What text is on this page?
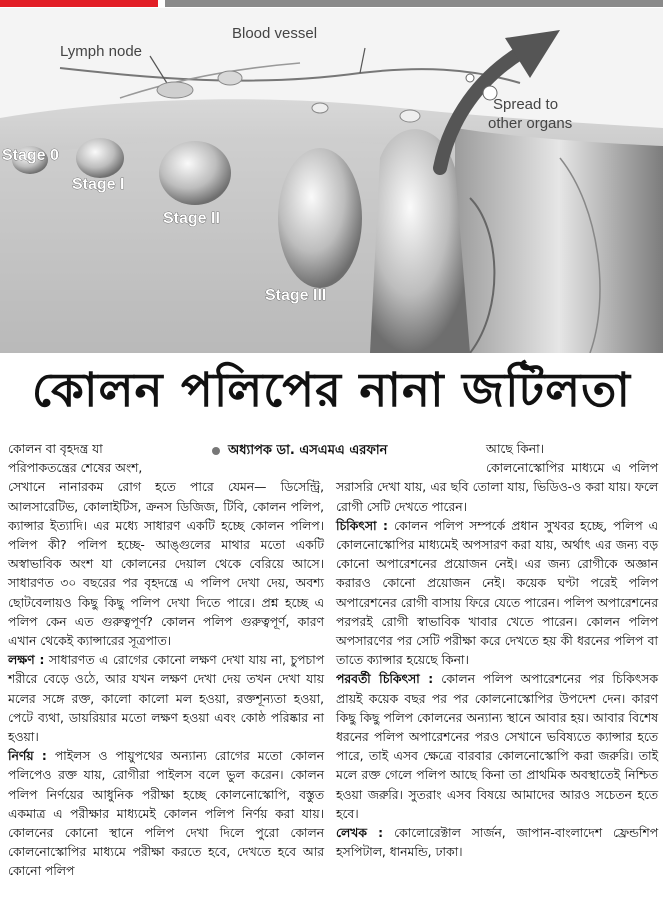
Lymph node
Blood vessel
Spread to
other organs
Stage 0
Stage I
Stage II
Stage III
কোলন পলিপের নানা জটিলতা
অধ্যাপক ডা. এসএমএ এরফান

কোলন বা বৃহদন্ত্র যা

পরিপাকতন্ত্রের শেষের অংশ,

সেখানে নানারকম রোগ হতে পারে যেমন— ডিসেন্ট্রি, আলসারেটিভ, কোলাইটিস, ক্রনস ডিজিজ, টিবি, কোলন পলিপ, ক্যান্সার ইত্যাদি। এর মধ্যে সাধারণ একটি হচ্ছে কোলন পলিপ। পলিপ কী? পলিপ হচ্ছে- আঙ্গুলের মাথার মতো একটি অস্বাভাবিক অংশ যা কোলনের দেয়াল থেকে বেরিয়ে আসে। সাধারণত ৩০ বছরের পর বৃহদন্ত্রে এ পলিপ দেখা দেয়, অবশ্য ছোটবেলায়ও কিছু কিছু পলিপ দেখা দিতে পারে। প্রশ্ন হচ্ছে এ পলিপ কেন এত গুরুত্বপূর্ণ? কোলন পলিপ গুরুত্বপূর্ণ, কারণ এখান থেকেই ক্যান্সারের সূত্রপাত।

লক্ষণ : সাধারণত এ রোগের কোনো লক্ষণ দেখা যায় না, চুপচাপ শরীরে বেড়ে ওঠে, আর যখন লক্ষণ দেখা দেয় তখন দেখা যায় মলের সঙ্গে রক্ত, কালো কালো মল হওয়া, রক্তশূন্যতা হওয়া, পেটে ব্যথা, ডায়রিয়ার মতো লক্ষণ হওয়া এবং কোষ্ঠ পরিষ্কার না হওয়া।

নির্ণয় : পাইলস ও পায়ুপথের অন্যান্য রোগের মতো কোলন পলিপেও রক্ত যায়, রোগীরা পাইলস বলে ভুল করেন। কোলন পলিপ নির্ণয়ের আধুনিক পরীক্ষা হচ্ছে কোলনোস্কোপি, বস্তুত একমাত্র এ পরীক্ষার মাধ্যমেই কোলন পলিপ নির্ণয় করা যায়। কোলনের কোনো স্থানে পলিপ দেখা দিলে পুরো কোলন কোলনোস্কোপির মাধ্যমে পরীক্ষা করতে হবে, দেখতে হবে আর কোনো পলিপ

আছে কিনা।

কোলনোস্কোপির মাধ্যমে এ পলিপ সরাসরি দেখা যায়, এর ছবি তোলা যায়, ভিডিও-ও করা যায়। ফলে রোগী সেটি দেখতে পারেন।

চিকিৎসা : কোলন পলিপ সম্পর্কে প্রধান সুখবর হচ্ছে, পলিপ এ কোলনোস্কোপির মাধ্যমেই অপসারণ করা যায়, অর্থাৎ এর জন্য বড় কোনো অপারেশনের প্রয়োজন নেই। এর জন্য রোগীকে অজ্ঞান করারও কোনো প্রয়োজন নেই। কয়েক ঘণ্টা পরেই পলিপ অপারেশনের রোগী বাসায় ফিরে যেতে পারেন। পলিপ অপারেশনের পরপরই রোগী স্বাভাবিক খাবার খেতে পারেন। কোলন পলিপ অপসারণের পর সেটি পরীক্ষা করে দেখতে হয় কী ধরনের পলিপ বা তাতে ক্যান্সার হয়েছে কিনা।

পরবর্তী চিকিৎসা : কোলন পলিপ অপারেশনের পর চিকিৎসক প্রায়ই কয়েক বছর পর পর কোলনোস্কোপির উপদেশ দেন। কারণ কিছু কিছু পলিপ কোলনের অন্যান্য স্থানে আবার হয়। আবার বিশেষ ধরনের পলিপ অপারেশনের পরও সেখানে ভবিষ্যতে ক্যান্সার হতে পারে, তাই এসব ক্ষেত্রে বারবার কোলনোস্কোপি করা জরুরি। তাই মলে রক্ত গেলে পলিপ আছে কিনা তা প্রাথমিক অবস্থাতেই নিশ্চিত হওয়া জরুরি। সুতরাং এসব বিষয়ে আমাদের আরও সচেতন হতে হবে।

লেখক : কোলোরেক্টাল সার্জন, জাপান-বাংলাদেশ ফ্রেন্ডশিপ হসপিটাল, ধানমন্ডি, ঢাকা।
